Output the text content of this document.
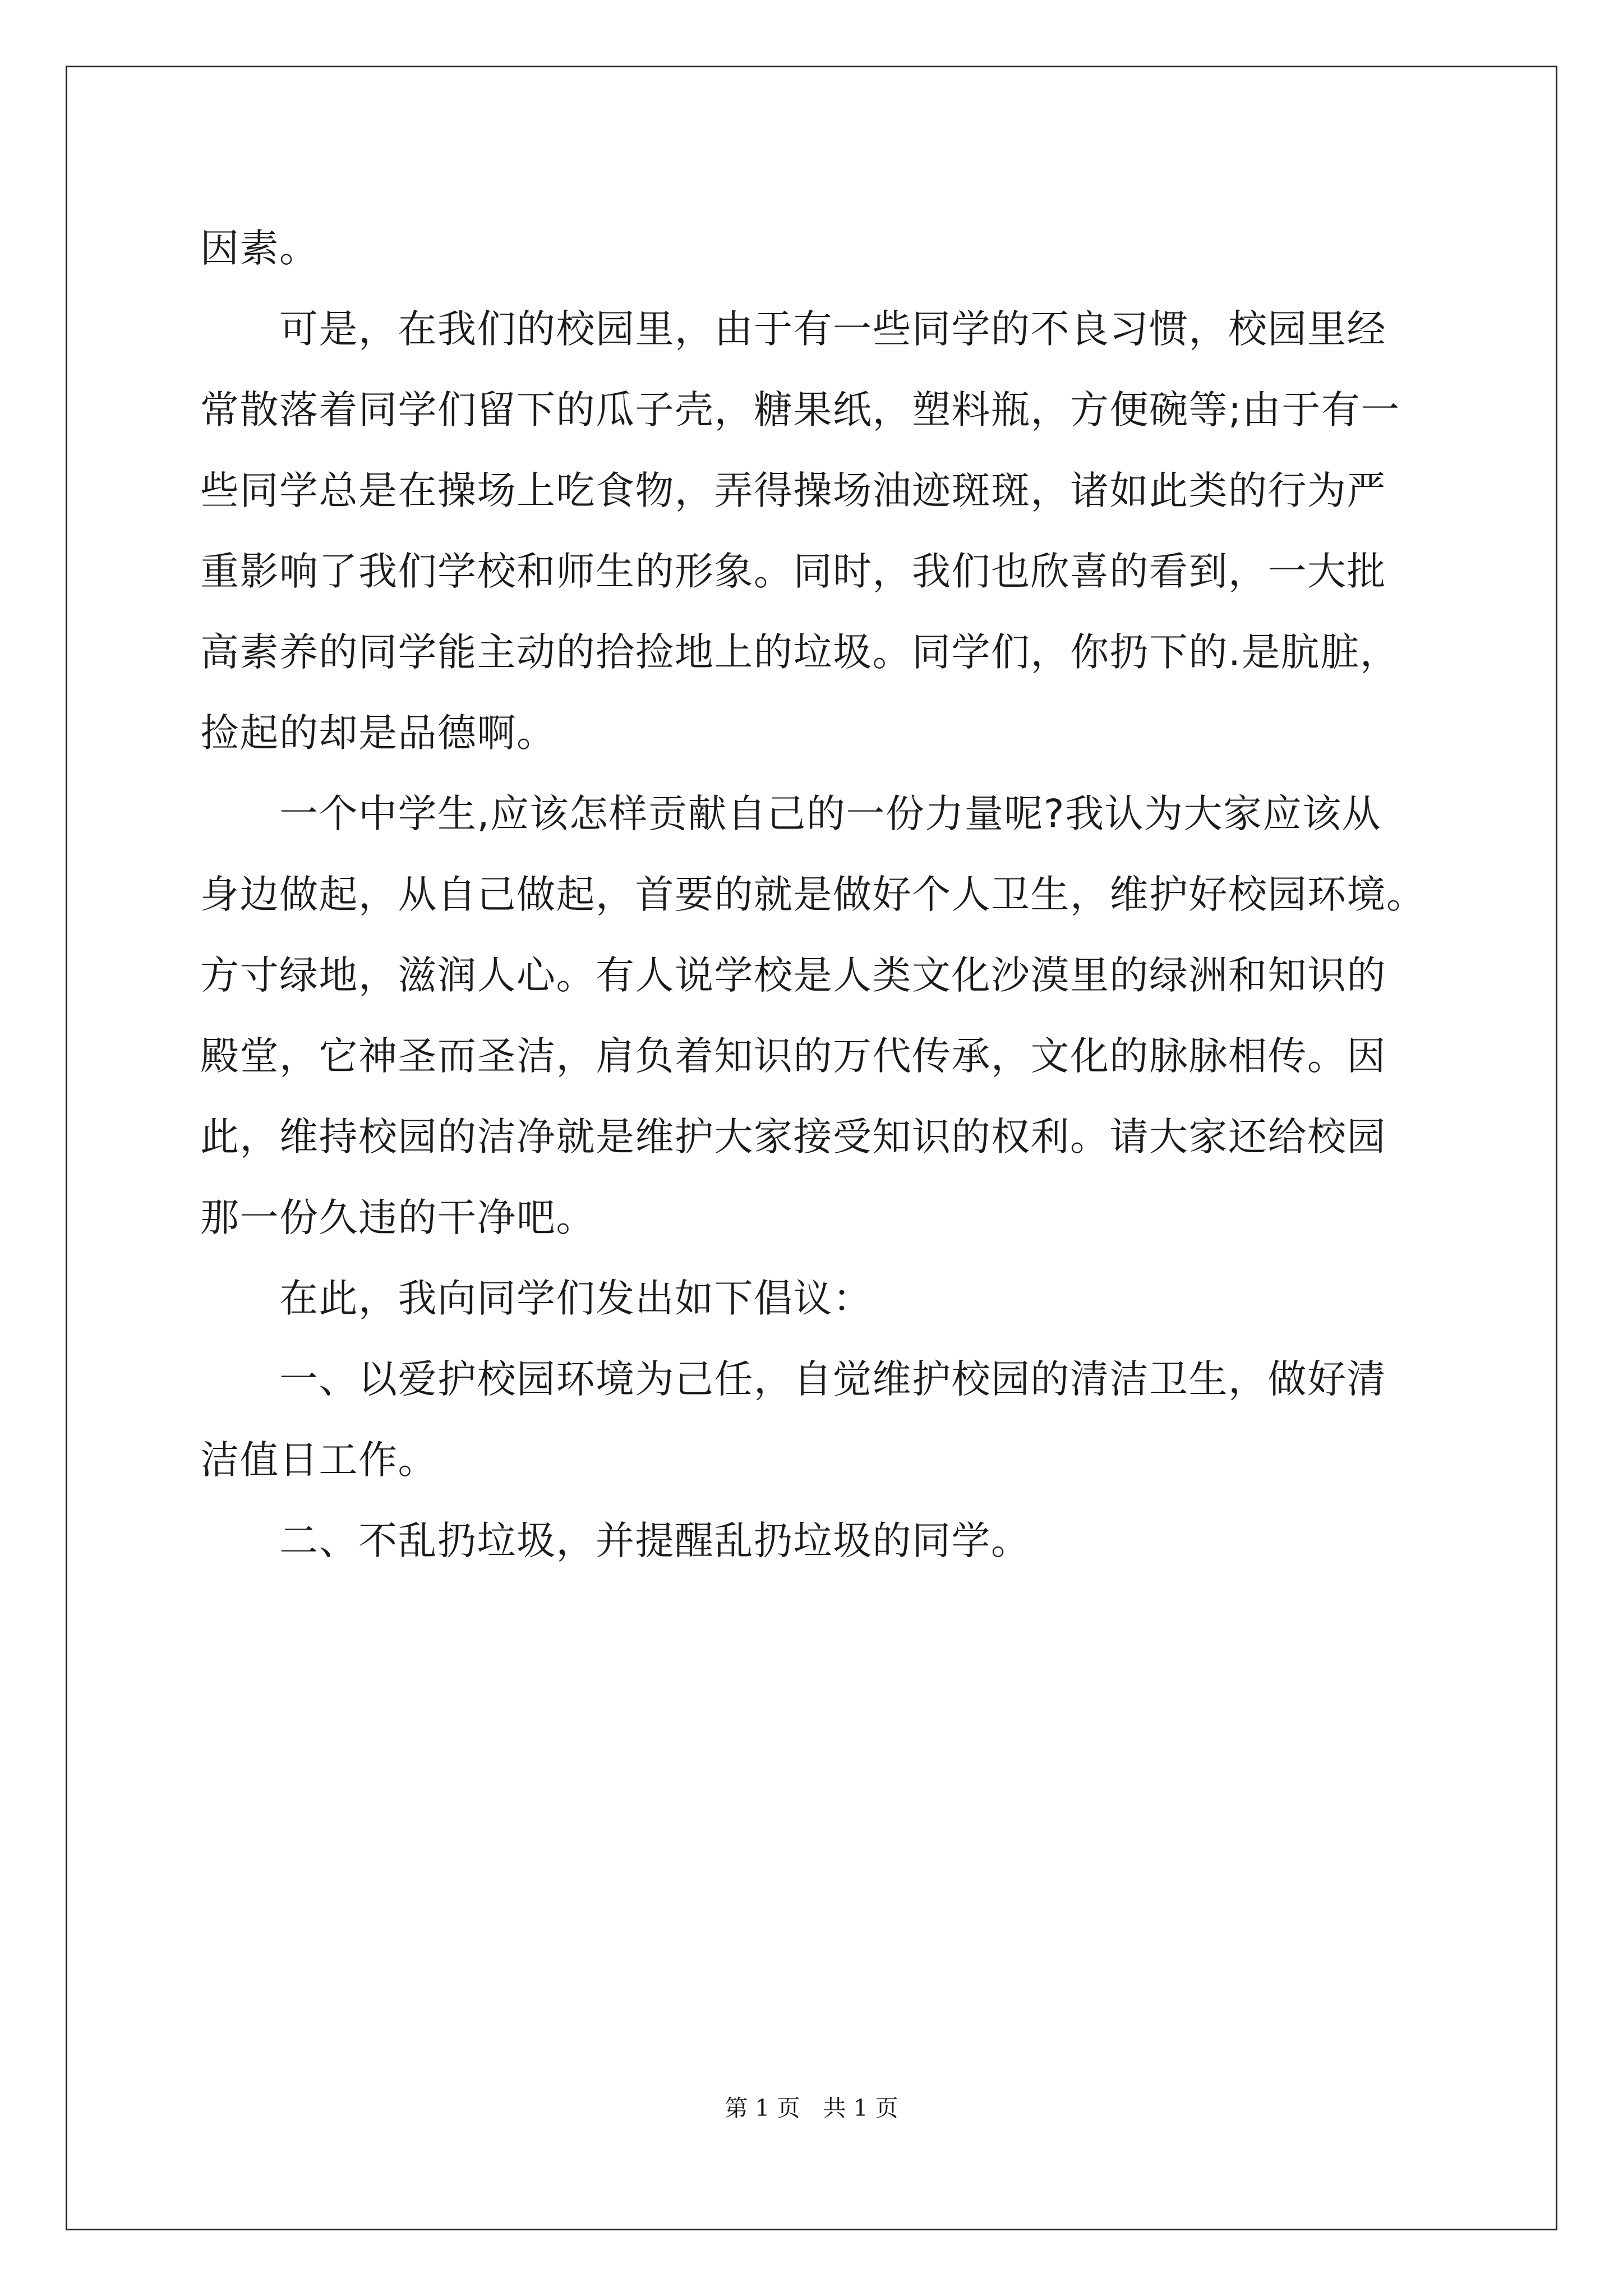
因素。
　　可是，在我们的校园里，由于有一些同学的不良习惯，校园里经
常散落着同学们留下的瓜子壳，糖果纸，塑料瓶，方便碗等;由于有一
些同学总是在操场上吃食物，弄得操场油迹斑斑，诸如此类的行为严
重影响了我们学校和师生的形象。同时，我们也欣喜的看到，一大批
高素养的同学能主动的拾捡地上的垃圾。同学们，你扔下的.是肮脏，
捡起的却是品德啊。
　　一个中学生,应该怎样贡献自己的一份力量呢?我认为大家应该从
身边做起，从自己做起，首要的就是做好个人卫生，维护好校园环境。
方寸绿地，滋润人心。有人说学校是人类文化沙漠里的绿洲和知识的
殿堂，它神圣而圣洁，肩负着知识的万代传承，文化的脉脉相传。因
此，维持校园的洁净就是维护大家接受知识的权利。请大家还给校园
那一份久违的干净吧。
　　在此，我向同学们发出如下倡议：
　　一、以爱护校园环境为己任，自觉维护校园的清洁卫生，做好清
洁值日工作。
　　二、不乱扔垃圾，并提醒乱扔垃圾的同学。
第 1 页　共 1 页
